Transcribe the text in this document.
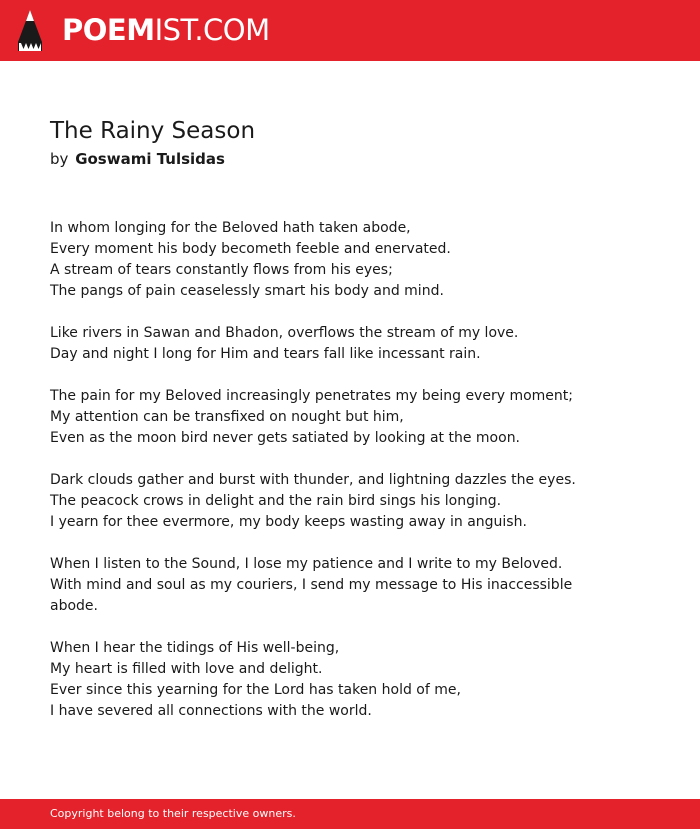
POEMIST.COM
The Rainy Season
by Goswami Tulsidas
In whom longing for the Beloved hath taken abode,
Every moment his body becometh feeble and enervated.
A stream of tears constantly flows from his eyes;
The pangs of pain ceaselessly smart his body and mind.
Like rivers in Sawan and Bhadon, overflows the stream of my love.
Day and night I long for Him and tears fall like incessant rain.
The pain for my Beloved increasingly penetrates my being every moment;
My attention can be transfixed on nought but him,
Even as the moon bird never gets satiated by looking at the moon.
Dark clouds gather and burst with thunder, and lightning dazzles the eyes.
The peacock crows in delight and the rain bird sings his longing.
I yearn for thee evermore, my body keeps wasting away in anguish.
When I listen to the Sound, I lose my patience and I write to my Beloved.
With mind and soul as my couriers, I send my message to His inaccessible
abode.
When I hear the tidings of His well-being,
My heart is filled with love and delight.
Ever since this yearning for the Lord has taken hold of me,
I have severed all connections with the world.
Copyright belong to their respective owners.
